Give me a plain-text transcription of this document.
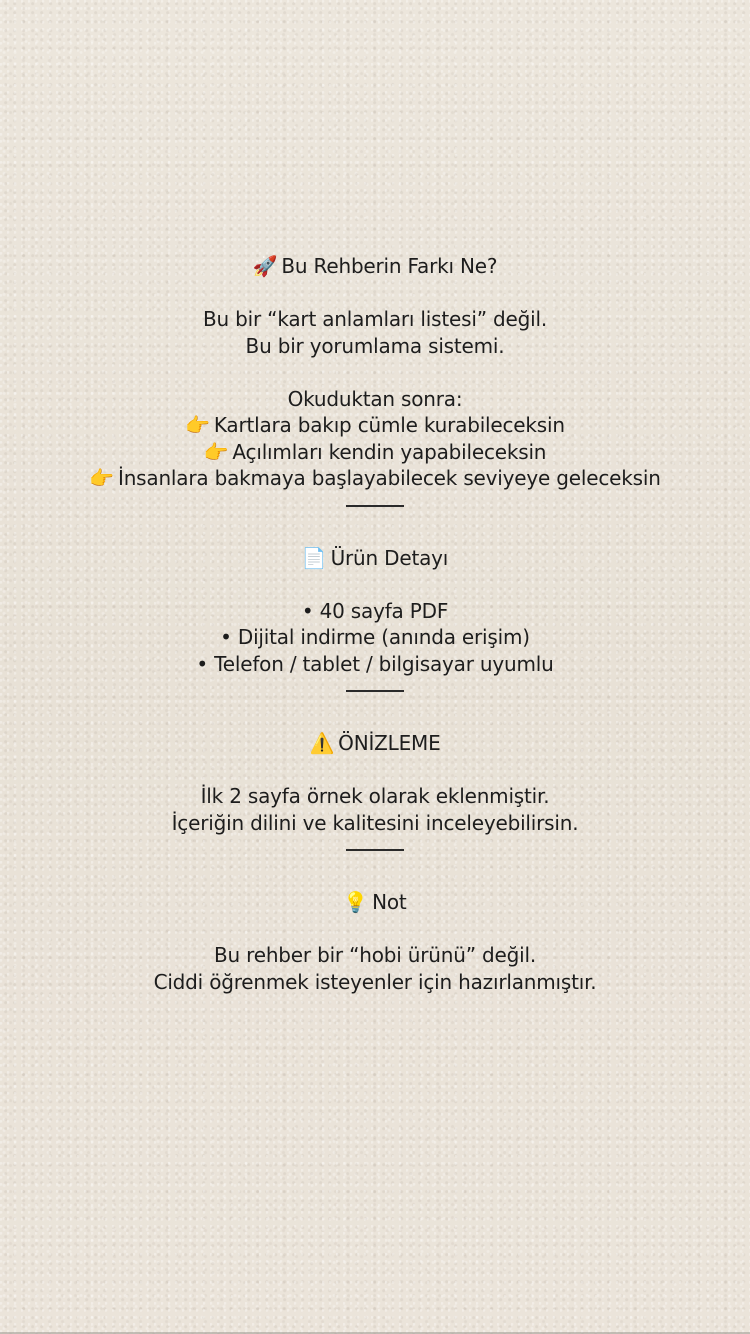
🚀 Bu Rehberin Farkı Ne?
Bu bir “kart anlamları listesi” değil.
Bu bir yorumlama sistemi.
Okuduktan sonra:
👉 Kartlara bakıp cümle kurabileceksin
👉 Açılımları kendin yapabileceksin
👉 İnsanlara bakmaya başlayabilecek seviyeye geleceksin
📄 Ürün Detayı
• 40 sayfa PDF
• Dijital indirme (anında erişim)
• Telefon / tablet / bilgisayar uyumlu
⚠️ ÖNİZLEME
İlk 2 sayfa örnek olarak eklenmiştir.
İçeriğin dilini ve kalitesini inceleyebilirsin.
💡 Not
Bu rehber bir “hobi ürünü” değil.
Ciddi öğrenmek isteyenler için hazırlanmıştır.
